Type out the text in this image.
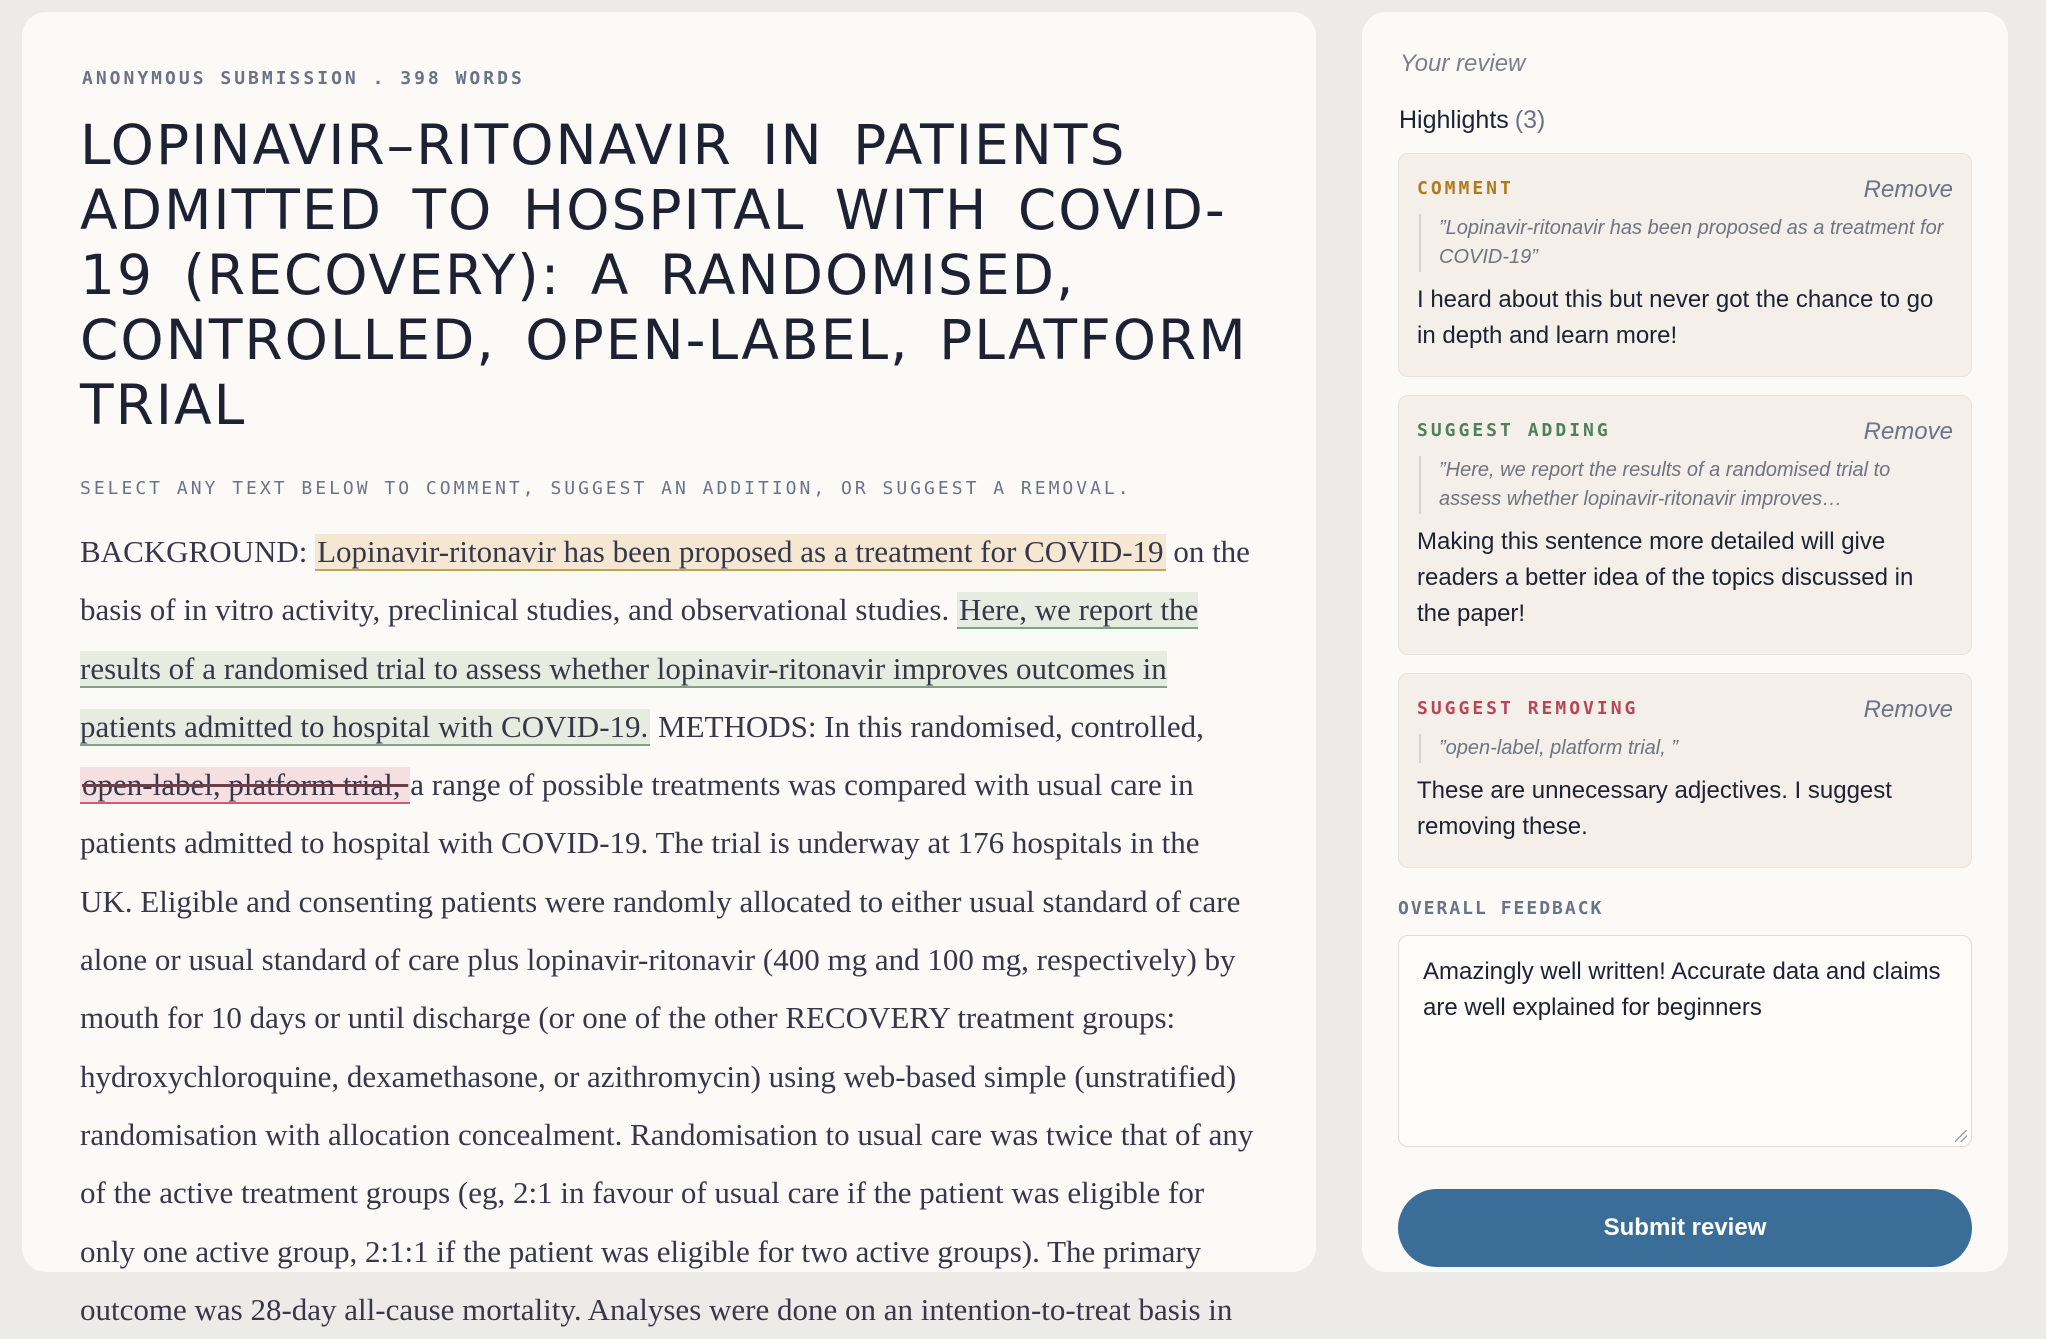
ANONYMOUS SUBMISSION . 398 WORDS
LOPINAVIR–RITONAVIR IN PATIENTS ADMITTED TO HOSPITAL WITH COVID-19 (RECOVERY): A RANDOMISED, CONTROLLED, OPEN-LABEL, PLATFORM TRIAL
SELECT ANY TEXT BELOW TO COMMENT, SUGGEST AN ADDITION, OR SUGGEST A REMOVAL.
BACKGROUND: Lopinavir-ritonavir has been proposed as a treatment for COVID-19 on the basis of in vitro activity, preclinical studies, and observational studies. Here, we report the results of a randomised trial to assess whether lopinavir-ritonavir improves outcomes in patients admitted to hospital with COVID-19. METHODS: In this randomised, controlled, open-label, platform trial, a range of possible treatments was compared with usual care in patients admitted to hospital with COVID-19. The trial is underway at 176 hospitals in the UK. Eligible and consenting patients were randomly allocated to either usual standard of care alone or usual standard of care plus lopinavir-ritonavir (400 mg and 100 mg, respectively) by mouth for 10 days or until discharge (or one of the other RECOVERY treatment groups: hydroxychloroquine, dexamethasone, or azithromycin) using web-based simple (unstratified) randomisation with allocation concealment. Randomisation to usual care was twice that of any of the active treatment groups (eg, 2:1 in favour of usual care if the patient was eligible for only one active group, 2:1:1 if the patient was eligible for two active groups). The primary outcome was 28-day all-cause mortality. Analyses were done on an intention-to-treat basis in
Your review
Highlights (3)
COMMENT	Remove
”Lopinavir-ritonavir has been proposed as a treatment for COVID-19”
I heard about this but never got the chance to go in depth and learn more!
SUGGEST ADDING	Remove
”Here, we report the results of a randomised trial to assess whether lopinavir-ritonavir improves…
Making this sentence more detailed will give readers a better idea of the topics discussed in the paper!
SUGGEST REMOVING	Remove
”open-label, platform trial, ”
These are unnecessary adjectives. I suggest removing these.
OVERALL FEEDBACK
Amazingly well written! Accurate data and claims are well explained for beginners
Submit review
